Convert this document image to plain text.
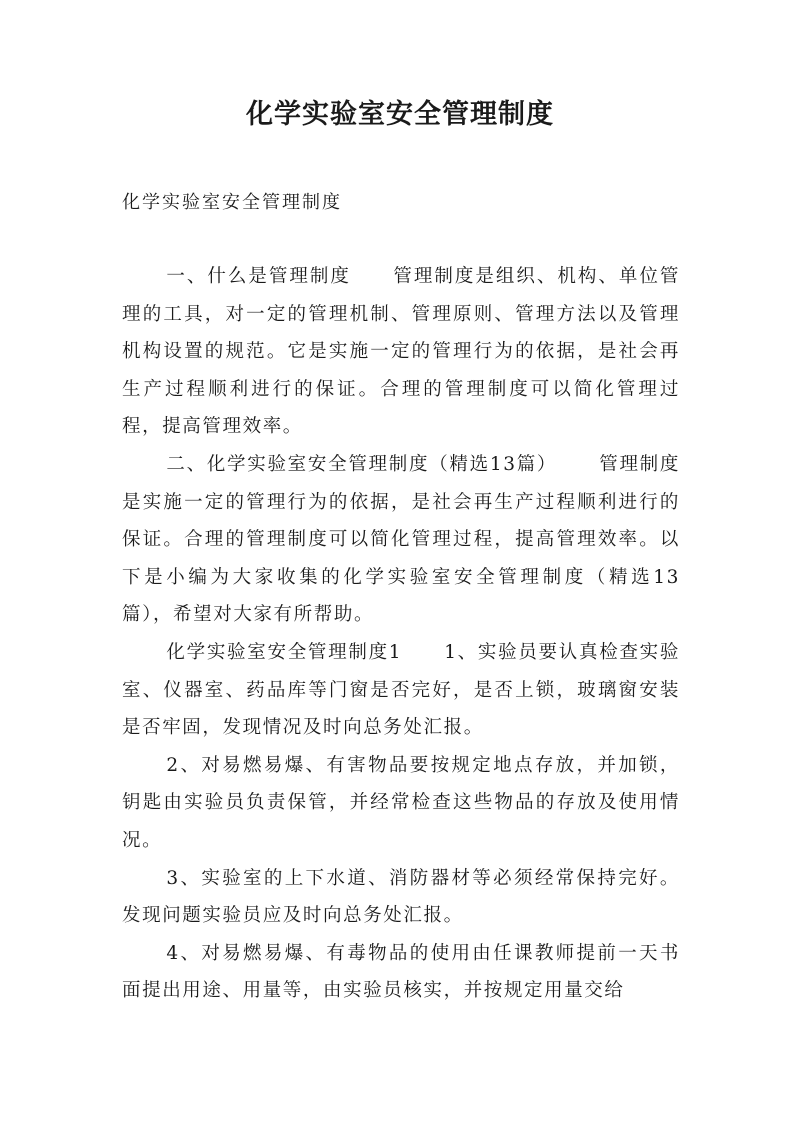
化学实验室安全管理制度

化学实验室安全管理制度

一、什么是管理制度 管理制度是组织、机构、单位管理的工具，对一定的管理机制、管理原则、管理方法以及管理机构设置的规范。它是实施一定的管理行为的依据，是社会再生产过程顺利进行的保证。合理的管理制度可以简化管理过程，提高管理效率。

二、化学实验室安全管理制度（精选13篇） 管理制度是实施一定的管理行为的依据，是社会再生产过程顺利进行的保证。合理的管理制度可以简化管理过程，提高管理效率。以下是小编为大家收集的化学实验室安全管理制度（精选13篇），希望对大家有所帮助。

化学实验室安全管理制度1 1、实验员要认真检查实验室、仪器室、药品库等门窗是否完好，是否上锁，玻璃窗安装是否牢固，发现情况及时向总务处汇报。

2、对易燃易爆、有害物品要按规定地点存放，并加锁，钥匙由实验员负责保管，并经常检查这些物品的存放及使用情况。

3、实验室的上下水道、消防器材等必须经常保持完好。发现问题实验员应及时向总务处汇报。

4、对易燃易爆、有毒物品的使用由任课教师提前一天书面提出用途、用量等，由实验员核实，并按规定用量交给
